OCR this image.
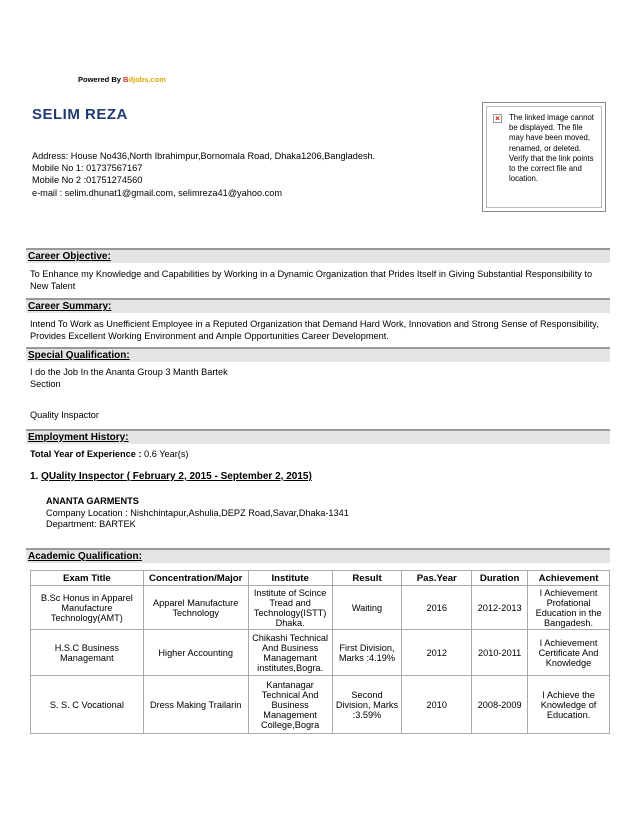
Powered By Bdjobs.com
SELIM REZA
Address: House No436,North Ibrahimpur,Bornomala Road, Dhaka1206,Bangladesh.
Mobile No 1: 01737567167
Mobile No 2 :01751274560
e-mail : selim.dhunat1@gmail.com, selimreza41@yahoo.com
× The linked image cannot be displayed. The file may have been moved, renamed, or deleted. Verify that the link points to the correct file and location.
Career Objective:
To Enhance my Knowledge and Capabilities by Working in a Dynamic Organization that Prides Itself in Giving Substantial Responsibility to New Talent
Career Summary:
Intend To Work as Unefficient Employee in a Reputed Organization that Demand Hard Work, Innovation and Strong Sense of Responsibility, Provides Excellent Working Environment and Ample Opportunities Career Development.
Special Qualification:
I do the Job In the Ananta Group 3 Manth Bartek
Section
Quality Inspactor
Employment History:
Total Year of Experience : 0.6 Year(s)
1. QUality Inspector ( February 2, 2015 - September 2, 2015)
ANANTA GARMENTS
Company Location : Nishchintapur,Ashulia,DEPZ Road,Savar,Dhaka-1341
Department: BARTEK
Academic Qualification:
Exam Title	Concentration/Major	Institute	Result	Pas.Year	Duration	Achievement
B.Sc Honus in Apparel Manufacture Technology(AMT)	Apparel Manufacture Technology	Institute of Scince Tread and Technology(ISTT) Dhaka.	Waiting	2016	2012-2013	I Achievement Profational Education in the Bangadesh.
H.S.C Business Managemant	Higher Accounting	Chikashi Technical And Business Managemant institutes,Bogra.	First Division, Marks :4.19%	2012	2010-2011	I Achievement Certificate And Knowledge
S. S. C Vocational	Dress Making Trailarin	Kantanagar Technical And Business Management College,Bogra	Second Division, Marks :3.59%	2010	2008-2009	I Achieve the Knowledge of Education.
